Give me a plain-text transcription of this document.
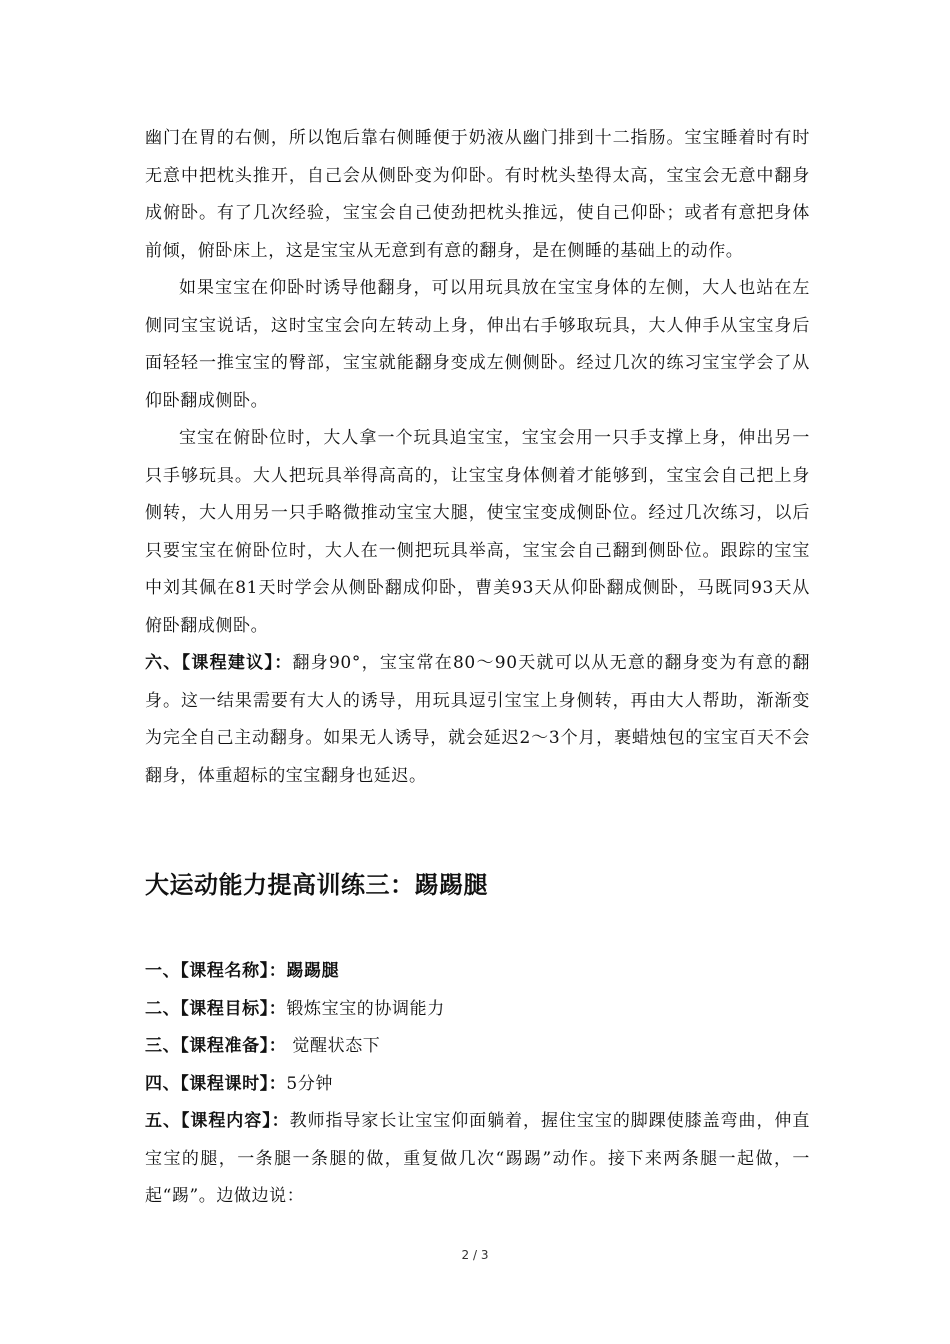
幽门在胃的右侧，所以饱后靠右侧睡便于奶液从幽门排到十二指肠。宝宝睡着时有时无意中把枕头推开，自己会从侧卧变为仰卧。有时枕头垫得太高，宝宝会无意中翻身成俯卧。有了几次经验，宝宝会自己使劲把枕头推远，使自己仰卧；或者有意把身体前倾，俯卧床上，这是宝宝从无意到有意的翻身，是在侧睡的基础上的动作。

如果宝宝在仰卧时诱导他翻身，可以用玩具放在宝宝身体的左侧，大人也站在左侧同宝宝说话，这时宝宝会向左转动上身，伸出右手够取玩具，大人伸手从宝宝身后面轻轻一推宝宝的臀部，宝宝就能翻身变成左侧侧卧。经过几次的练习宝宝学会了从仰卧翻成侧卧。

宝宝在俯卧位时，大人拿一个玩具追宝宝，宝宝会用一只手支撑上身，伸出另一只手够玩具。大人把玩具举得高高的，让宝宝身体侧着才能够到，宝宝会自己把上身侧转，大人用另一只手略微推动宝宝大腿，使宝宝变成侧卧位。经过几次练习，以后只要宝宝在俯卧位时，大人在一侧把玩具举高，宝宝会自己翻到侧卧位。跟踪的宝宝中刘其佩在81天时学会从侧卧翻成仰卧，曹美93天从仰卧翻成侧卧，马既同93天从俯卧翻成侧卧。

六、【课程建议】：翻身90°，宝宝常在80～90天就可以从无意的翻身变为有意的翻身。这一结果需要有大人的诱导，用玩具逗引宝宝上身侧转，再由大人帮助，渐渐变为完全自己主动翻身。如果无人诱导，就会延迟2～3个月，裹蜡烛包的宝宝百天不会翻身，体重超标的宝宝翻身也延迟。

大运动能力提高训练三：踢踢腿

一、【课程名称】：踢踢腿

二、【课程目标】：锻炼宝宝的协调能力

三、【课程准备】： 觉醒状态下

四、【课程课时】：5分钟

五、【课程内容】：教师指导家长让宝宝仰面躺着，握住宝宝的脚踝使膝盖弯曲，伸直宝宝的腿，一条腿一条腿的做，重复做几次“踢踢”动作。接下来两条腿一起做，一起“踢”。边做边说：

2 / 3
